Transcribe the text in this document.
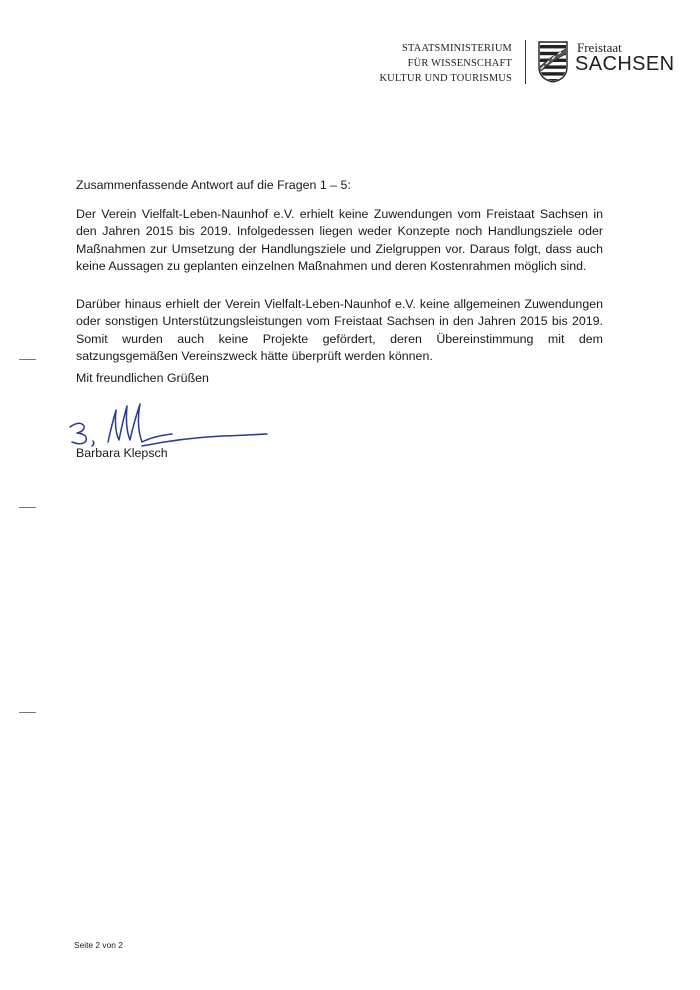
STAATSMINISTERIUM
FÜR WISSENSCHAFT
KULTUR UND TOURISMUS
Freistaat
SACHSEN

Zusammenfassende Antwort auf die Fragen 1 – 5:

Der Verein Vielfalt-Leben-Naunhof e.V. erhielt keine Zuwendungen vom Freistaat Sachsen in den Jahren 2015 bis 2019. Infolgedessen liegen weder Konzepte noch Handlungsziele oder Maßnahmen zur Umsetzung der Handlungsziele und Zielgruppen vor. Daraus folgt, dass auch keine Aussagen zu geplanten einzelnen Maßnahmen und deren Kostenrahmen möglich sind.

Darüber hinaus erhielt der Verein Vielfalt-Leben-Naunhof e.V. keine allgemeinen Zuwendungen oder sonstigen Unterstützungsleistungen vom Freistaat Sachsen in den Jahren 2015 bis 2019. Somit wurden auch keine Projekte gefördert, deren Übereinstimmung mit dem satzungsgemäßen Vereinszweck hätte überprüft werden können.

Mit freundlichen Grüßen

Barbara Klepsch
Seite 2 von 2
